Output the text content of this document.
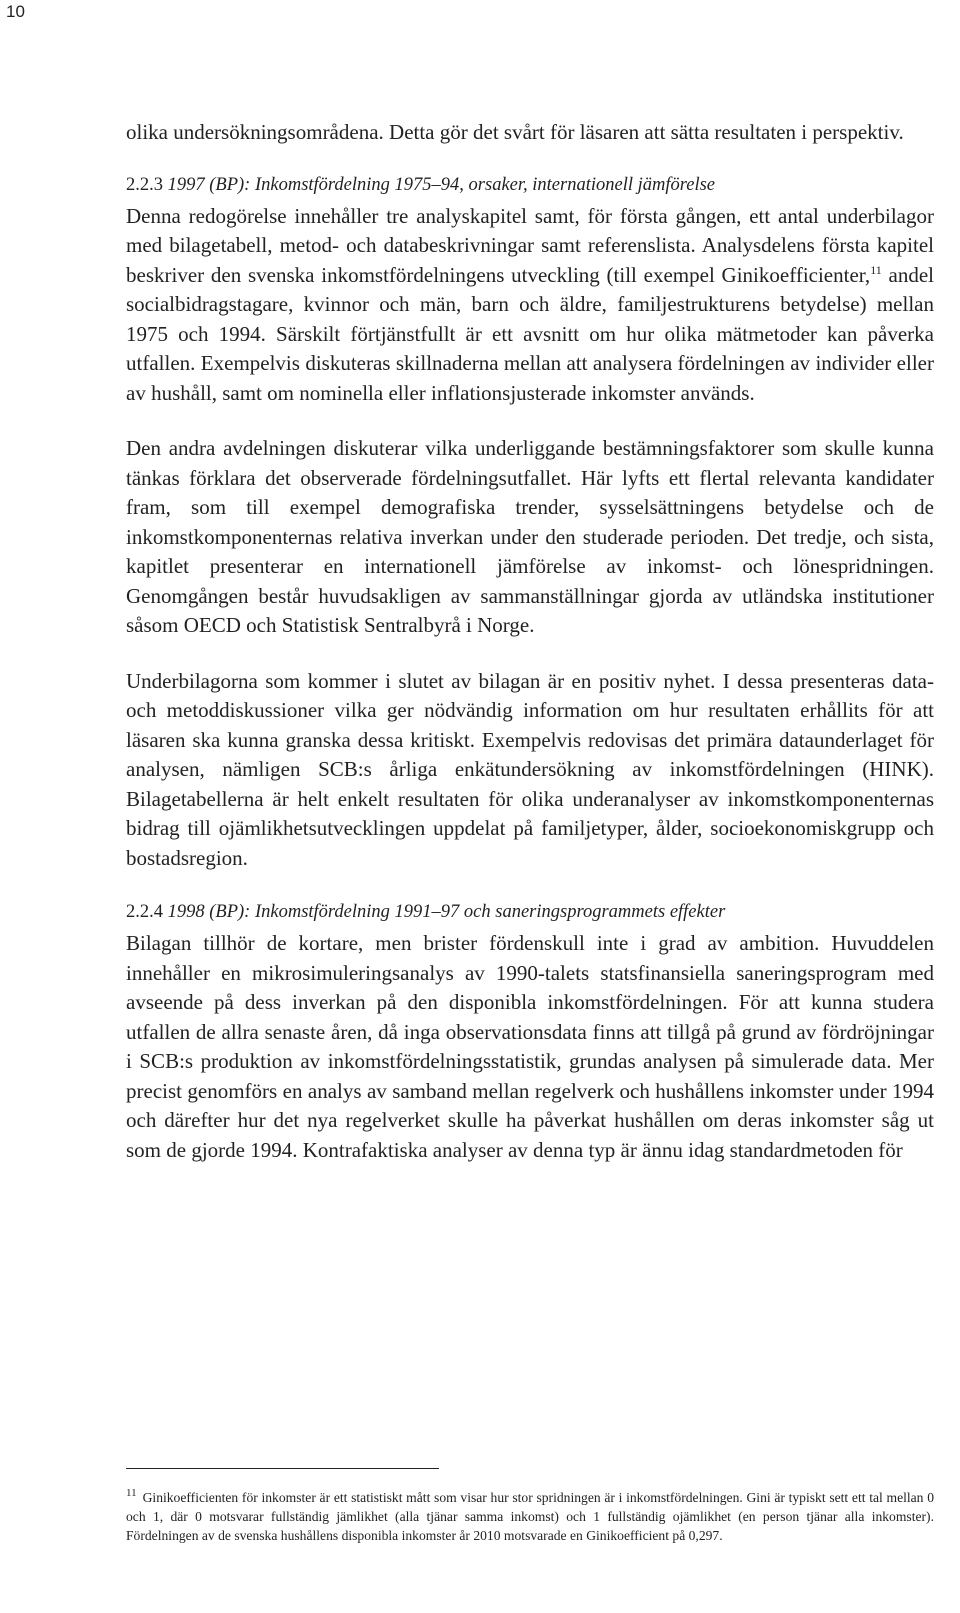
10

olika undersökningsområdena. Detta gör det svårt för läsaren att sätta resultaten i perspektiv.

2.2.3 1997 (BP): Inkomstfördelning 1975–94, orsaker, internationell jämförelse

Denna redogörelse innehåller tre analyskapitel samt, för första gången, ett antal underbilagor med bilagetabell, metod- och databeskrivningar samt referenslista. Analysdelens första kapitel beskriver den svenska inkomstfördelningens utveckling (till exempel Ginikoefficienter,$^{11}$ andel socialbidragstagare, kvinnor och män, barn och äldre, familjestrukturens betydelse) mellan 1975 och 1994. Särskilt förtjänstfullt är ett avsnitt om hur olika mätmetoder kan påverka utfallen. Exempelvis diskuteras skillnaderna mellan att analysera fördelningen av individer eller av hushåll, samt om nominella eller inflationsjusterade inkomster används.

Den andra avdelningen diskuterar vilka underliggande bestämningsfaktorer som skulle kunna tänkas förklara det observerade fördelningsutfallet. Här lyfts ett flertal relevanta kandidater fram, som till exempel demografiska trender, sysselsättningens betydelse och de inkomstkomponenternas relativa inverkan under den studerade perioden. Det tredje, och sista, kapitlet presenterar en internationell jämförelse av inkomst- och lönespridningen. Genomgången består huvudsakligen av sammanställningar gjorda av utländska institutioner såsom OECD och Statistisk Sentralbyrå i Norge.

Underbilagorna som kommer i slutet av bilagan är en positiv nyhet. I dessa presenteras data- och metoddiskussioner vilka ger nödvändig information om hur resultaten erhållits för att läsaren ska kunna granska dessa kritiskt. Exempelvis redovisas det primära dataunderlaget för analysen, nämligen SCB:s årliga enkätundersökning av inkomstfördelningen (HINK). Bilagetabellerna är helt enkelt resultaten för olika underanalyser av inkomstkomponenternas bidrag till ojämlikhetsutvecklingen uppdelat på familjetyper, ålder, socioekonomiskgrupp och bostadsregion.

2.2.4 1998 (BP): Inkomstfördelning 1991–97 och saneringsprogrammets effekter

Bilagan tillhör de kortare, men brister fördenskull inte i grad av ambition. Huvuddelen innehåller en mikrosimuleringsanalys av 1990-talets statsfinansiella saneringsprogram med avseende på dess inverkan på den disponibla inkomstfördelningen. För att kunna studera utfallen de allra senaste åren, då inga observationsdata finns att tillgå på grund av fördröjningar i SCB:s produktion av inkomstfördelningsstatistik, grundas analysen på simulerade data. Mer precist genomförs en analys av samband mellan regelverk och hushållens inkomster under 1994 och därefter hur det nya regelverket skulle ha påverkat hushållen om deras inkomster såg ut som de gjorde 1994. Kontrafaktiska analyser av denna typ är ännu idag standardmetoden för

$^{11}$ Ginikoefficienten för inkomster är ett statistiskt mått som visar hur stor spridningen är i inkomstfördelningen. Gini är typiskt sett ett tal mellan 0 och 1, där 0 motsvarar fullständig jämlikhet (alla tjänar samma inkomst) och 1 fullständig ojämlikhet (en person tjänar alla inkomster). Fördelningen av de svenska hushållens disponibla inkomster år 2010 motsvarade en Ginikoefficient på 0,297.
